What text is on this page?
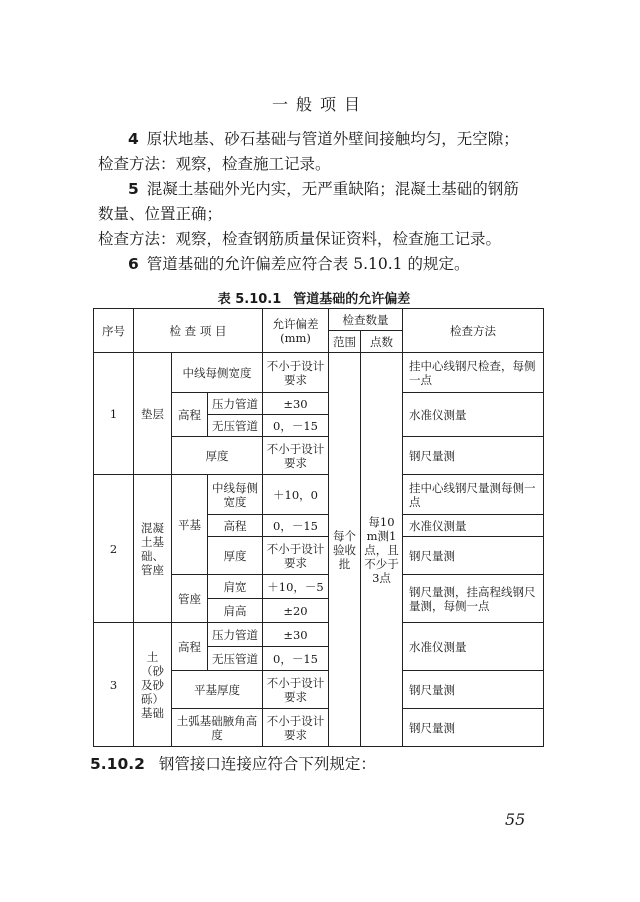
一般项目
4 原状地基、砂石基础与管道外壁间接触均匀，无空隙；
检查方法：观察，检查施工记录。
5 混凝土基础外光内实，无严重缺陷；混凝土基础的钢筋
数量、位置正确；
检查方法：观察，检查钢筋质量保证资料，检查施工记录。
6 管道基础的允许偏差应符合表 5.10.1 的规定。
表 5.10.1 管道基础的允许偏差
序号	检 查 项 目			允许偏差(mm)	检查数量		检查方法
					范围	点数	
1	垫层	中线每侧宽度		不小于设计要求	每个验收批	每10m测1点，且不少于3点	挂中心线钢尺检查，每侧一点
		高程	压力管道	±30			水准仪测量
			无压管道	0，－15			
		厚度		不小于设计要求			钢尺量测
2	混凝土基础、管座	平基	中线每侧宽度	＋10，0			挂中心线钢尺量测每侧一点
			高程	0，－15			水准仪测量
			厚度	不小于设计要求			钢尺量测
		管座	肩宽	＋10，－5			钢尺量测，挂高程线钢尺量测，每侧一点
			肩高	±20			
3	土（砂及砂砾）基础	高程	压力管道	±30			水准仪测量
			无压管道	0，－15			
		平基厚度		不小于设计要求			钢尺量测
		土弧基础腋角高度		不小于设计要求			钢尺量测
5.10.2 钢管接口连接应符合下列规定：
55
